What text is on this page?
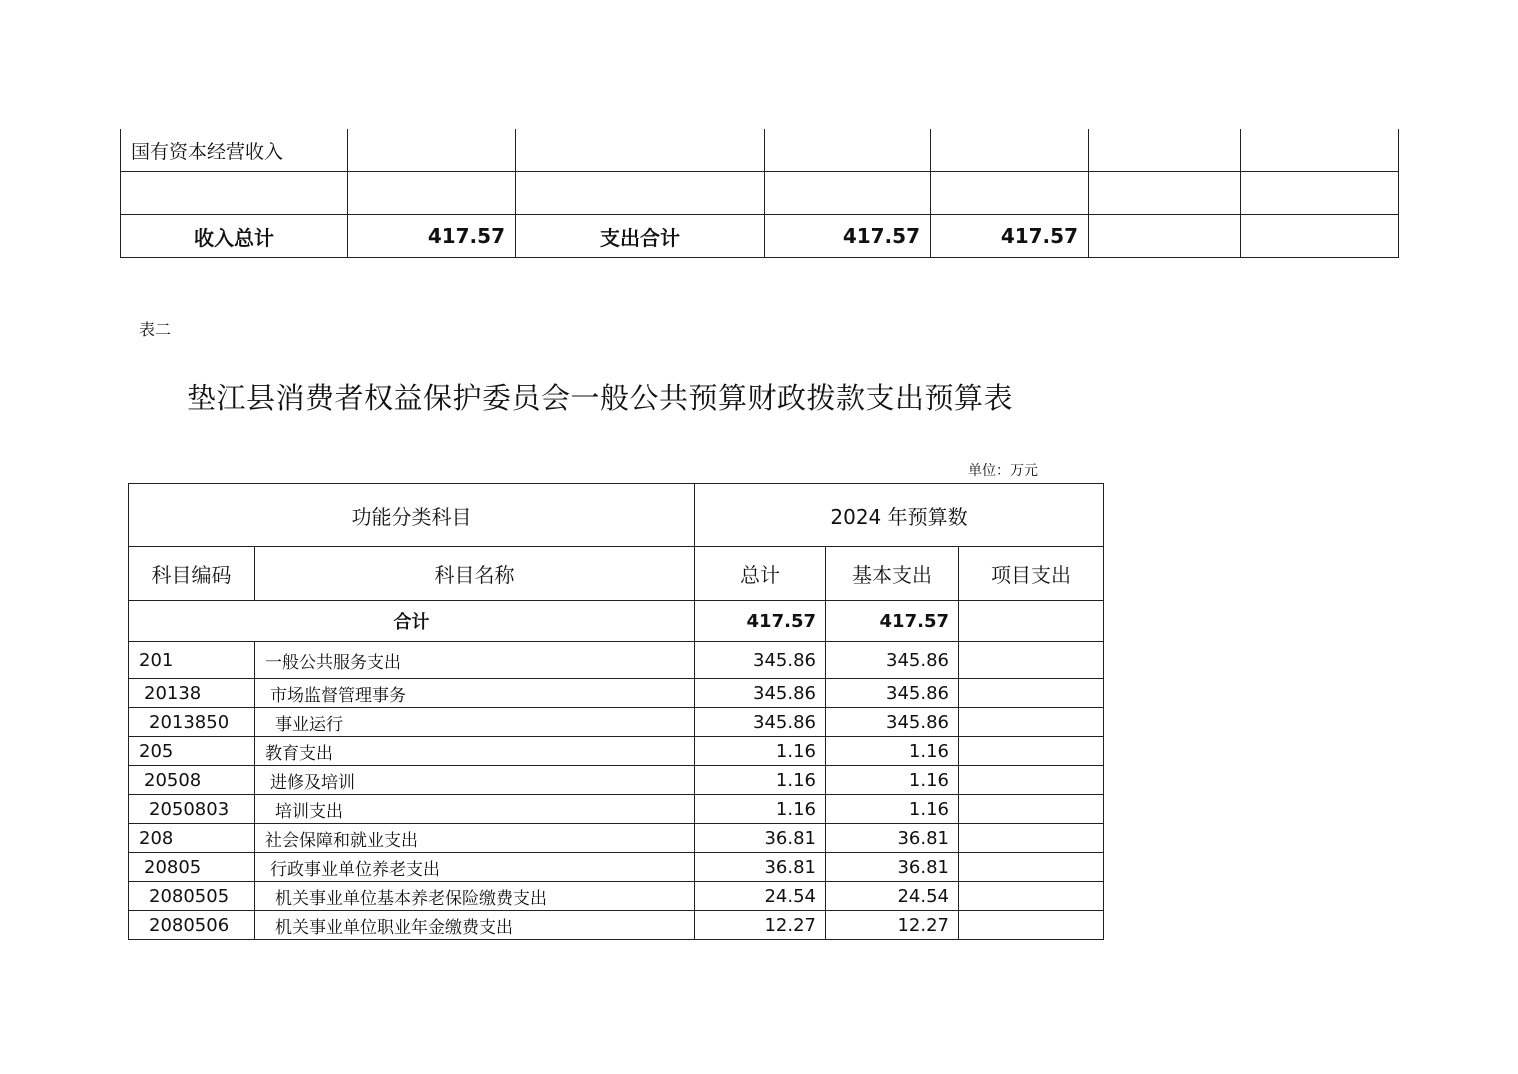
国有资本经营收入						

收入总计	417.57	支出合计	417.57	417.57		
表二
垫江县消费者权益保护委员会一般公共预算财政拨款支出预算表
单位：万元
功能分类科目		2024 年预算数		
科目编码	科目名称	总计	基本支出	项目支出
合计		417.57	417.57	
201	一般公共服务支出	345.86	345.86	
20138	市场监督管理事务	345.86	345.86	
2013850	事业运行	345.86	345.86	
205	教育支出	1.16	1.16	
20508	进修及培训	1.16	1.16	
2050803	培训支出	1.16	1.16	
208	社会保障和就业支出	36.81	36.81	
20805	行政事业单位养老支出	36.81	36.81	
2080505	机关事业单位基本养老保险缴费支出	24.54	24.54	
2080506	机关事业单位职业年金缴费支出	12.27	12.27	
